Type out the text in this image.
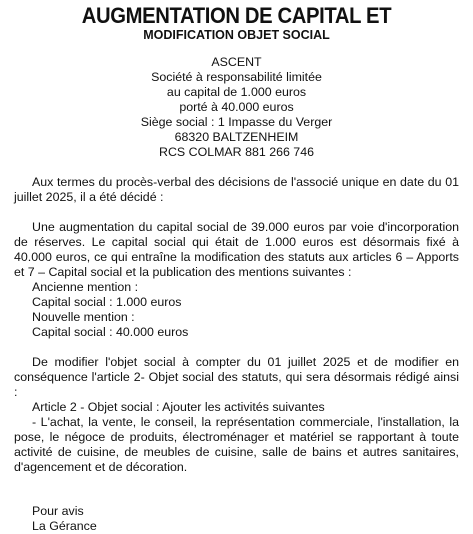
AUGMENTATION DE CAPITAL ET
MODIFICATION OBJET SOCIAL
ASCENT
Société à responsabilité limitée
au capital de 1.000 euros
porté à 40.000 euros
Siège social : 1 Impasse du Verger
68320 BALTZENHEIM
RCS COLMAR 881 266 746
Aux termes du procès-verbal des décisions de l'associé unique en date du 01 juillet 2025, il a été décidé :
Une augmentation du capital social de 39.000 euros par voie d'incorporation de réserves. Le capital social qui était de 1.000 euros est désormais fixé à 40.000 euros, ce qui entraîne la modification des statuts aux articles 6 – Apports et 7 – Capital social et la publication des mentions suivantes :
Ancienne mention :
Capital social : 1.000 euros
Nouvelle mention :
Capital social : 40.000 euros
De modifier l'objet social à compter du 01 juillet 2025 et de modifier en conséquence l'article 2- Objet social des statuts, qui sera désormais rédigé ainsi :
Article 2 - Objet social : Ajouter les activités suivantes
- L'achat, la vente, le conseil, la représentation commerciale, l'installation, la pose, le négoce de produits, électroménager et matériel se rapportant à toute activité de cuisine, de meubles de cuisine, salle de bains et autres sanitaires, d'agencement et de décoration.
Pour avis
La Gérance
